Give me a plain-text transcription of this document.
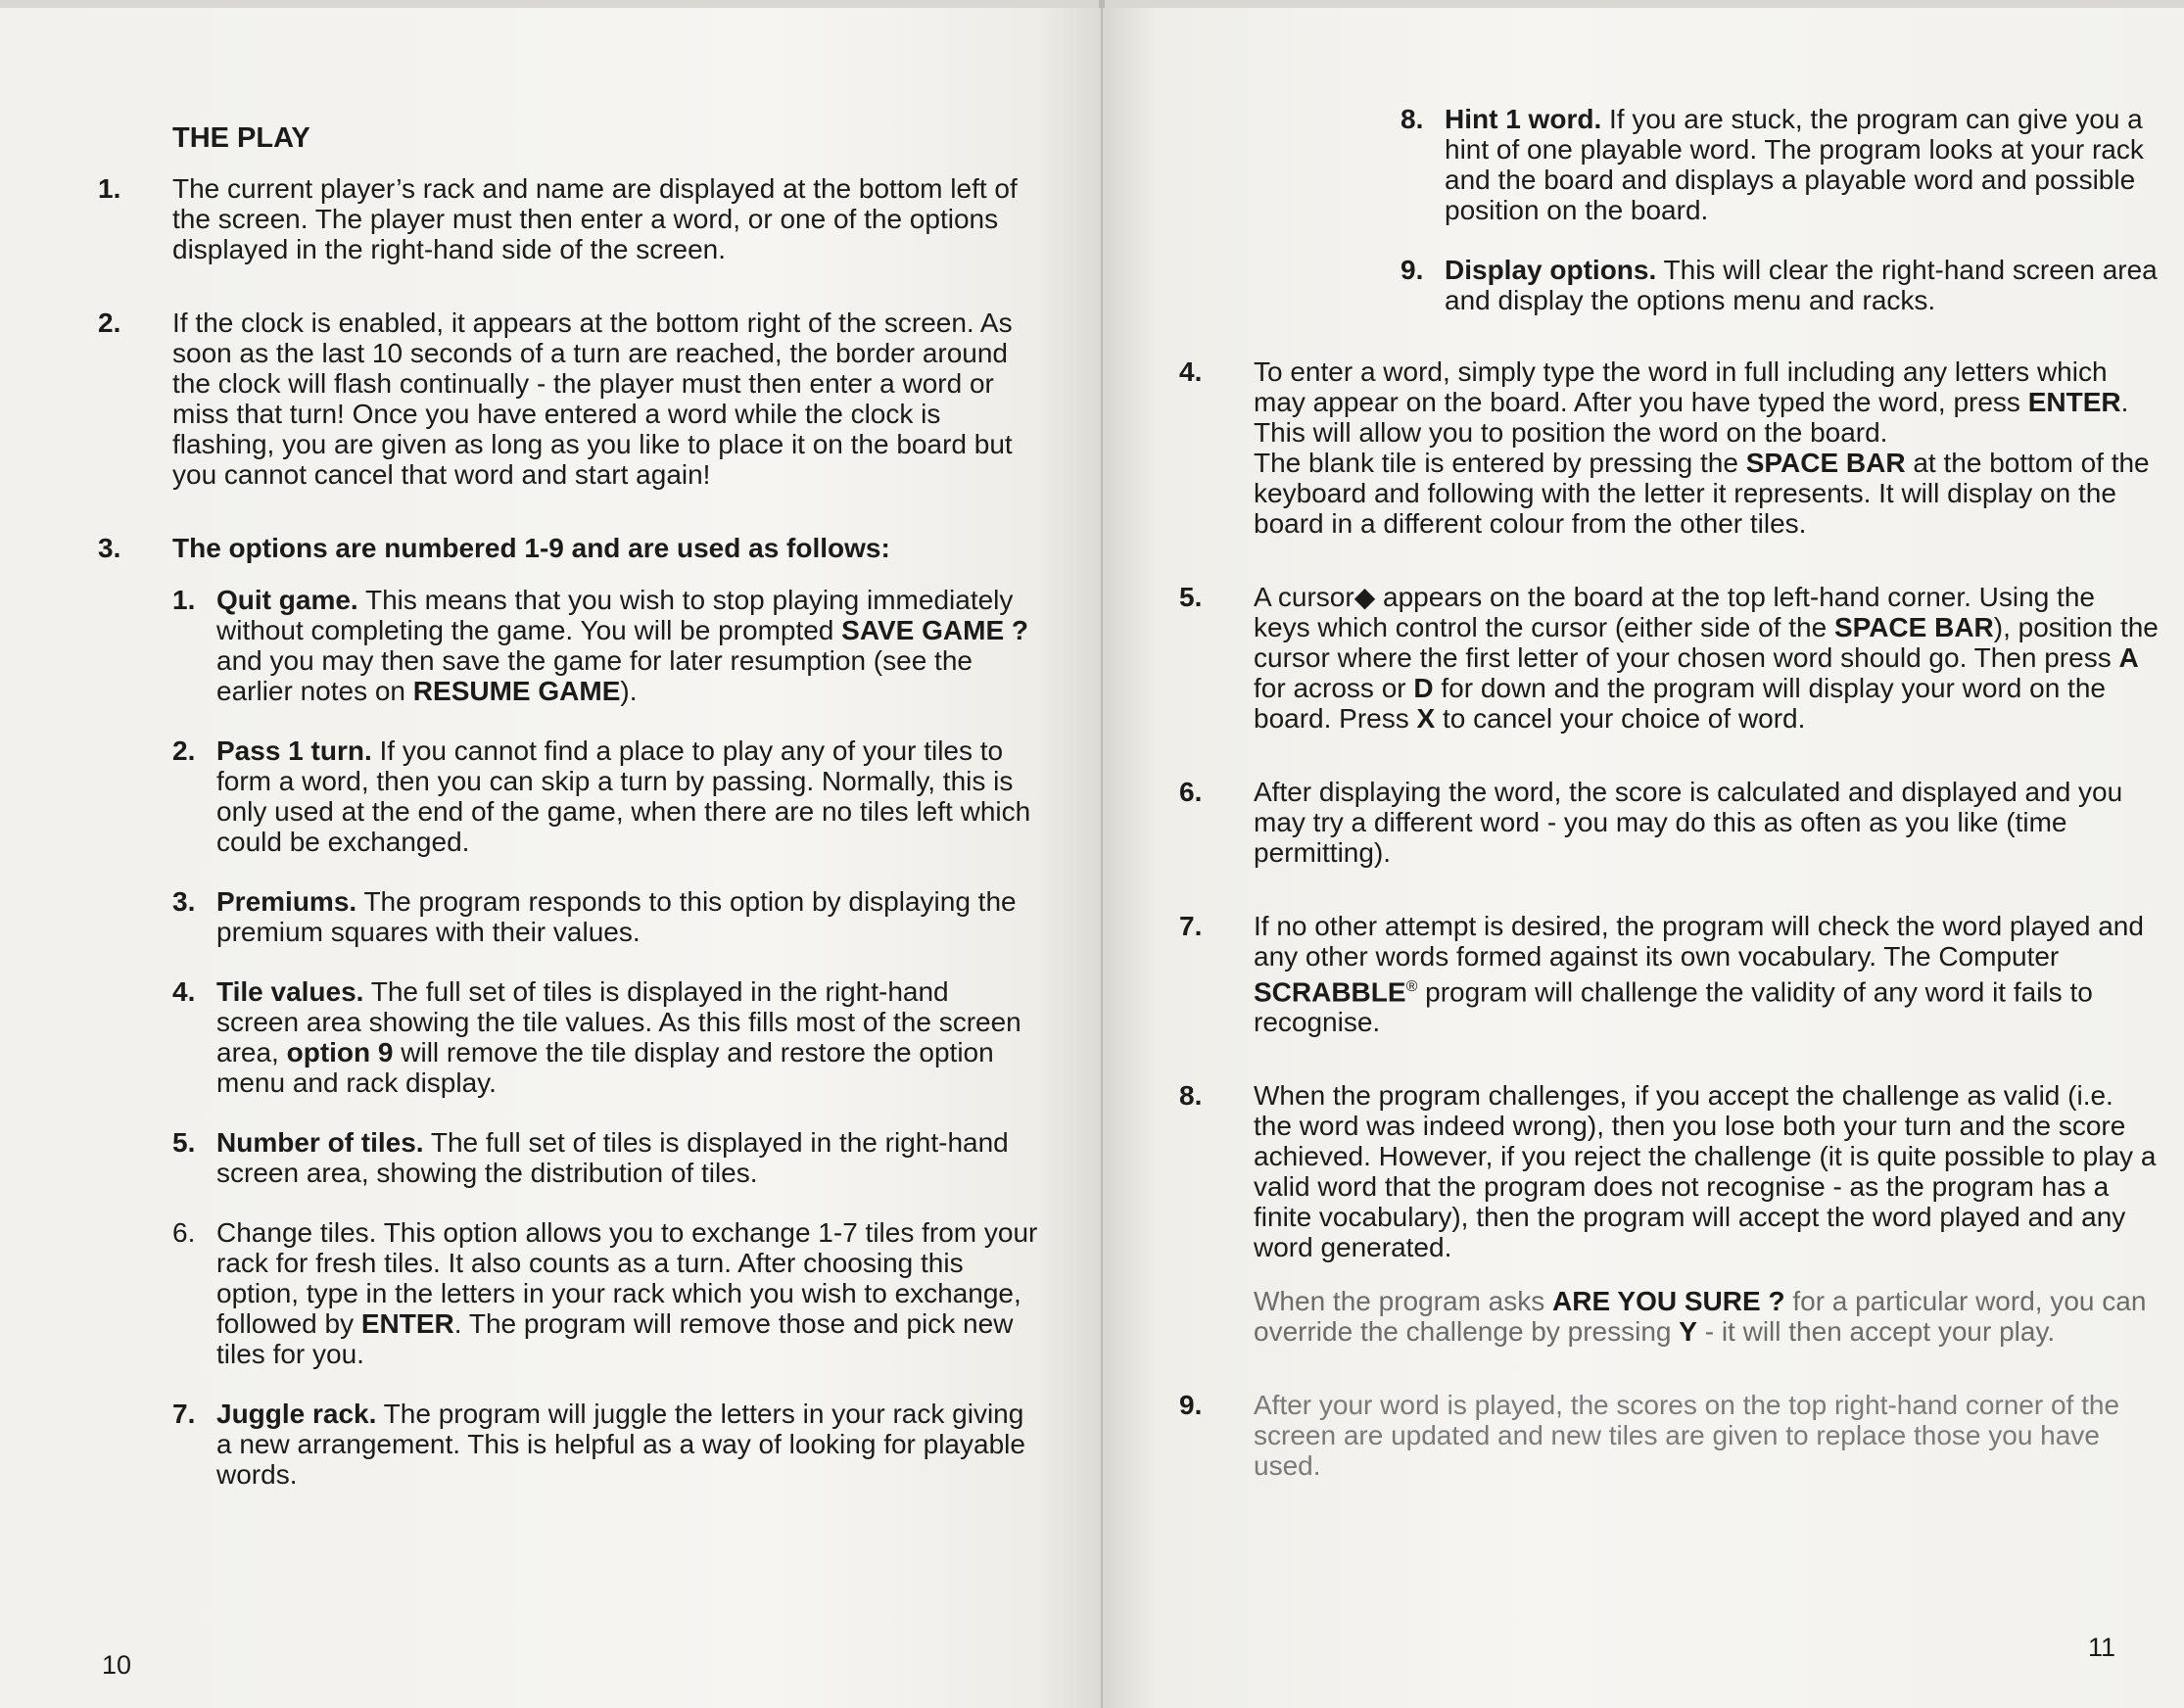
THE PLAY
1.	The current player’s rack and name are displayed at the bottom left of the screen. The player must then enter a word, or one of the options displayed in the right-hand side of the screen.
2.	If the clock is enabled, it appears at the bottom right of the screen. As soon as the last 10 seconds of a turn are reached, the border around the clock will flash continually - the player must then enter a word or miss that turn! Once you have entered a word while the clock is flashing, you are given as long as you like to place it on the board but you cannot cancel that word and start again!
3.	The options are numbered 1-9 and are used as follows:
1. Quit game. This means that you wish to stop playing immediately without completing the game. You will be prompted SAVE GAME ? and you may then save the game for later resumption (see the earlier notes on RESUME GAME).
2. Pass 1 turn. If you cannot find a place to play any of your tiles to form a word, then you can skip a turn by passing. Normally, this is only used at the end of the game, when there are no tiles left which could be exchanged.
3. Premiums. The program responds to this option by displaying the premium squares with their values.
4. Tile values. The full set of tiles is displayed in the right-hand screen area showing the tile values. As this fills most of the screen area, option 9 will remove the tile display and restore the option menu and rack display.
5. Number of tiles. The full set of tiles is displayed in the right-hand screen area, showing the distribution of tiles.
6. Change tiles. This option allows you to exchange 1-7 tiles from your rack for fresh tiles. It also counts as a turn. After choosing this option, type in the letters in your rack which you wish to exchange, followed by ENTER. The program will remove those and pick new tiles for you.
7. Juggle rack. The program will juggle the letters in your rack giving a new arrangement. This is helpful as a way of looking for playable words.
10
8. Hint 1 word. If you are stuck, the program can give you a hint of one playable word. The program looks at your rack and the board and displays a playable word and possible position on the board.
9. Display options. This will clear the right-hand screen area and display the options menu and racks.
4.	To enter a word, simply type the word in full including any letters which may appear on the board. After you have typed the word, press ENTER. This will allow you to position the word on the board.
The blank tile is entered by pressing the SPACE BAR at the bottom of the keyboard and following with the letter it represents. It will display on the board in a different colour from the other tiles.
5.	A cursor◆ appears on the board at the top left-hand corner. Using the keys which control the cursor (either side of the SPACE BAR), position the cursor where the first letter of your chosen word should go. Then press A for across or D for down and the program will display your word on the board. Press X to cancel your choice of word.
6.	After displaying the word, the score is calculated and displayed and you may try a different word - you may do this as often as you like (time permitting).
7.	If no other attempt is desired, the program will check the word played and any other words formed against its own vocabulary. The Computer SCRABBLE® program will challenge the validity of any word it fails to recognise.
8.	When the program challenges, if you accept the challenge as valid (i.e. the word was indeed wrong), then you lose both your turn and the score achieved. However, if you reject the challenge (it is quite possible to play a valid word that the program does not recognise - as the program has a finite vocabulary), then the program will accept the word played and any word generated.
When the program asks ARE YOU SURE ? for a particular word, you can override the challenge by pressing Y - it will then accept your play.
9.	After your word is played, the scores on the top right-hand corner of the screen are updated and new tiles are given to replace those you have used.
11
